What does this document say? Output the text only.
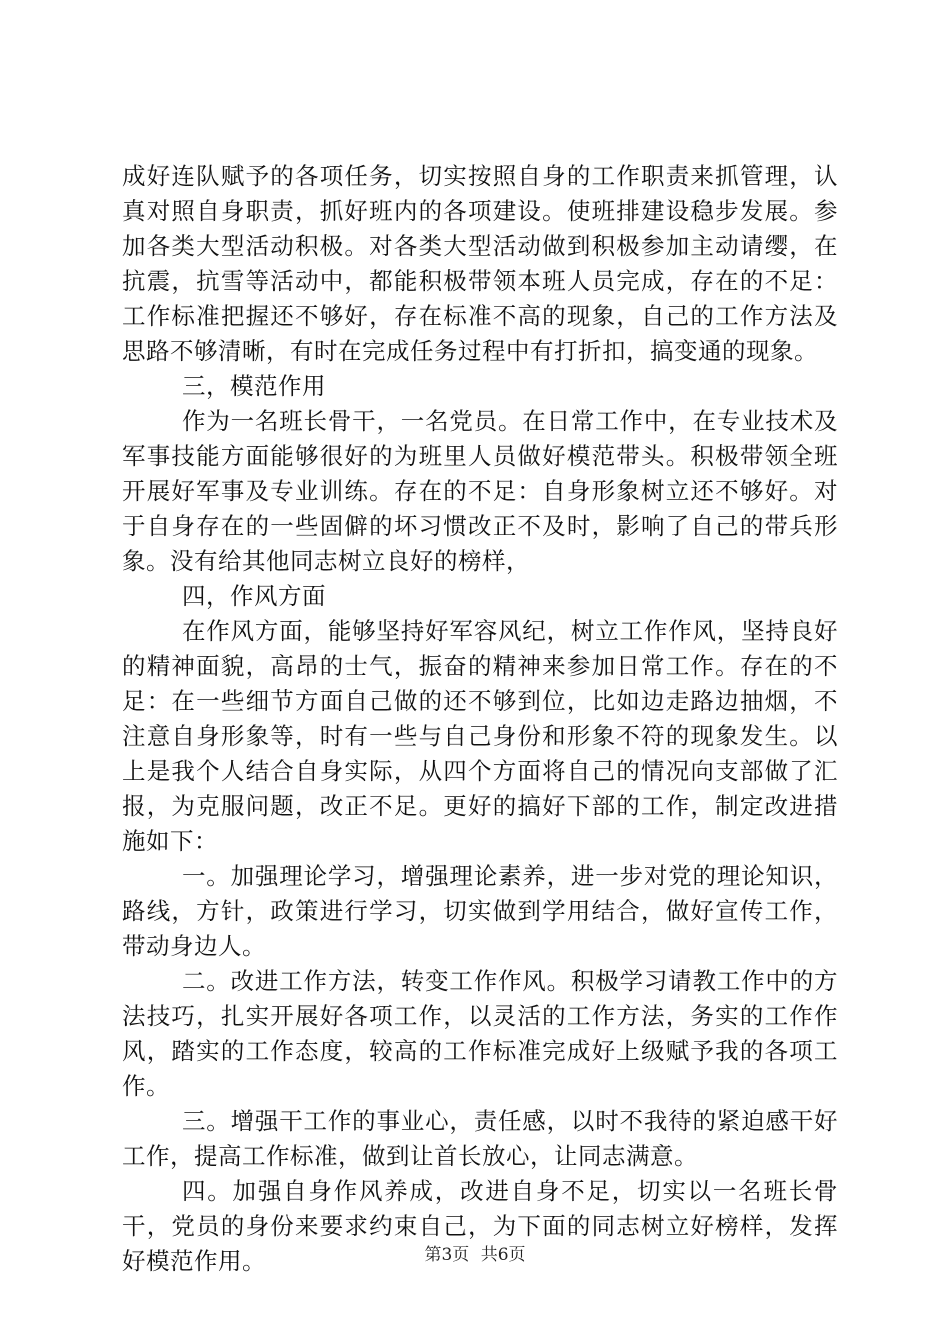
成好连队赋予的各项任务，切实按照自身的工作职责来抓管理，认真对照自身职责，抓好班内的各项建设。使班排建设稳步发展。参加各类大型活动积极。对各类大型活动做到积极参加主动请缨，在抗震，抗雪等活动中，都能积极带领本班人员完成，存在的不足：工作标准把握还不够好，存在标准不高的现象，自己的工作方法及思路不够清晰，有时在完成任务过程中有打折扣，搞变通的现象。

三，模范作用

作为一名班长骨干，一名党员。在日常工作中，在专业技术及军事技能方面能够很好的为班里人员做好模范带头。积极带领全班开展好军事及专业训练。存在的不足：自身形象树立还不够好。对于自身存在的一些固僻的坏习惯改正不及时，影响了自己的带兵形象。没有给其他同志树立良好的榜样，

四，作风方面

在作风方面，能够坚持好军容风纪，树立工作作风，坚持良好的精神面貌，高昂的士气，振奋的精神来参加日常工作。存在的不足：在一些细节方面自己做的还不够到位，比如边走路边抽烟，不注意自身形象等，时有一些与自己身份和形象不符的现象发生。以上是我个人结合自身实际，从四个方面将自己的情况向支部做了汇报，为克服问题，改正不足。更好的搞好下部的工作，制定改进措施如下：

一。加强理论学习，增强理论素养，进一步对党的理论知识，路线，方针，政策进行学习，切实做到学用结合，做好宣传工作，带动身边人。

二。改进工作方法，转变工作作风。积极学习请教工作中的方法技巧，扎实开展好各项工作，以灵活的工作方法，务实的工作作风，踏实的工作态度，较高的工作标准完成好上级赋予我的各项工作。

三。增强干工作的事业心，责任感，以时不我待的紧迫感干好工作，提高工作标准，做到让首长放心，让同志满意。

四。加强自身作风养成，改进自身不足，切实以一名班长骨干，党员的身份来要求约束自己，为下面的同志树立好榜样，发挥好模范作用。	第3页 共6页
